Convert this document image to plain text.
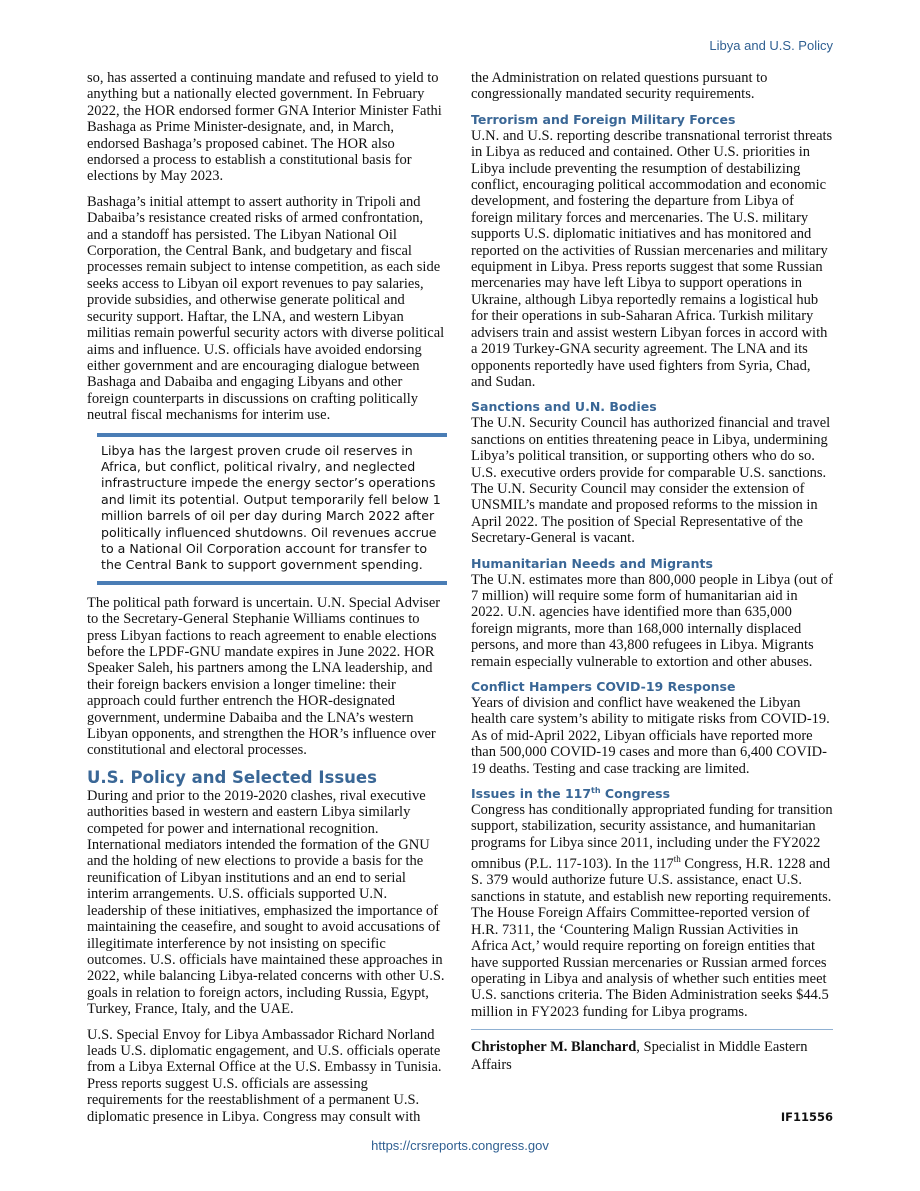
Libya and U.S. Policy

so, has asserted a continuing mandate and refused to yield to anything but a nationally elected government. In February 2022, the HOR endorsed former GNA Interior Minister Fathi Bashaga as Prime Minister-designate, and, in March, endorsed Bashaga’s proposed cabinet. The HOR also endorsed a process to establish a constitutional basis for elections by May 2023.

Bashaga’s initial attempt to assert authority in Tripoli and Dabaiba’s resistance created risks of armed confrontation, and a standoff has persisted. The Libyan National Oil Corporation, the Central Bank, and budgetary and fiscal processes remain subject to intense competition, as each side seeks access to Libyan oil export revenues to pay salaries, provide subsidies, and otherwise generate political and security support. Haftar, the LNA, and western Libyan militias remain powerful security actors with diverse political aims and influence. U.S. officials have avoided endorsing either government and are encouraging dialogue between Bashaga and Dabaiba and engaging Libyans and other foreign counterparts in discussions on crafting politically neutral fiscal mechanisms for interim use.

Libya has the largest proven crude oil reserves in Africa, but conflict, political rivalry, and neglected infrastructure impede the energy sector’s operations and limit its potential. Output temporarily fell below 1 million barrels of oil per day during March 2022 after politically influenced shutdowns. Oil revenues accrue to a National Oil Corporation account for transfer to the Central Bank to support government spending.

The political path forward is uncertain. U.N. Special Adviser to the Secretary-General Stephanie Williams continues to press Libyan factions to reach agreement to enable elections before the LPDF-GNU mandate expires in June 2022. HOR Speaker Saleh, his partners among the LNA leadership, and their foreign backers envision a longer timeline: their approach could further entrench the HOR-designated government, undermine Dabaiba and the LNA’s western Libyan opponents, and strengthen the HOR’s influence over constitutional and electoral processes.

U.S. Policy and Selected Issues

During and prior to the 2019-2020 clashes, rival executive authorities based in western and eastern Libya similarly competed for power and international recognition. International mediators intended the formation of the GNU and the holding of new elections to provide a basis for the reunification of Libyan institutions and an end to serial interim arrangements. U.S. officials supported U.N. leadership of these initiatives, emphasized the importance of maintaining the ceasefire, and sought to avoid accusations of illegitimate interference by not insisting on specific outcomes. U.S. officials have maintained these approaches in 2022, while balancing Libya-related concerns with other U.S. goals in relation to foreign actors, including Russia, Egypt, Turkey, France, Italy, and the UAE.

U.S. Special Envoy for Libya Ambassador Richard Norland leads U.S. diplomatic engagement, and U.S. officials operate from a Libya External Office at the U.S. Embassy in Tunisia. Press reports suggest U.S. officials are assessing requirements for the reestablishment of a permanent U.S. diplomatic presence in Libya. Congress may consult with

the Administration on related questions pursuant to congressionally mandated security requirements.

Terrorism and Foreign Military Forces

U.N. and U.S. reporting describe transnational terrorist threats in Libya as reduced and contained. Other U.S. priorities in Libya include preventing the resumption of destabilizing conflict, encouraging political accommodation and economic development, and fostering the departure from Libya of foreign military forces and mercenaries. The U.S. military supports U.S. diplomatic initiatives and has monitored and reported on the activities of Russian mercenaries and military equipment in Libya. Press reports suggest that some Russian mercenaries may have left Libya to support operations in Ukraine, although Libya reportedly remains a logistical hub for their operations in sub-Saharan Africa. Turkish military advisers train and assist western Libyan forces in accord with a 2019 Turkey-GNA security agreement. The LNA and its opponents reportedly have used fighters from Syria, Chad, and Sudan.

Sanctions and U.N. Bodies

The U.N. Security Council has authorized financial and travel sanctions on entities threatening peace in Libya, undermining Libya’s political transition, or supporting others who do so. U.S. executive orders provide for comparable U.S. sanctions. The U.N. Security Council may consider the extension of UNSMIL’s mandate and proposed reforms to the mission in April 2022. The position of Special Representative of the Secretary-General is vacant.

Humanitarian Needs and Migrants

The U.N. estimates more than 800,000 people in Libya (out of 7 million) will require some form of humanitarian aid in 2022. U.N. agencies have identified more than 635,000 foreign migrants, more than 168,000 internally displaced persons, and more than 43,800 refugees in Libya. Migrants remain especially vulnerable to extortion and other abuses.

Conflict Hampers COVID-19 Response

Years of division and conflict have weakened the Libyan health care system’s ability to mitigate risks from COVID-19. As of mid-April 2022, Libyan officials have reported more than 500,000 COVID-19 cases and more than 6,400 COVID-19 deaths. Testing and case tracking are limited.

Issues in the 117th Congress

Congress has conditionally appropriated funding for transition support, stabilization, security assistance, and humanitarian programs for Libya since 2011, including under the FY2022 omnibus (P.L. 117-103). In the 117th Congress, H.R. 1228 and S. 379 would authorize future U.S. assistance, enact U.S. sanctions in statute, and establish new reporting requirements. The House Foreign Affairs Committee-reported version of H.R. 7311, the ‘Countering Malign Russian Activities in Africa Act,’ would require reporting on foreign entities that have supported Russian mercenaries or Russian armed forces operating in Libya and analysis of whether such entities meet U.S. sanctions criteria. The Biden Administration seeks $44.5 million in FY2023 funding for Libya programs.

Christopher M. Blanchard, Specialist in Middle Eastern Affairs

IF11556
https://crsreports.congress.gov
